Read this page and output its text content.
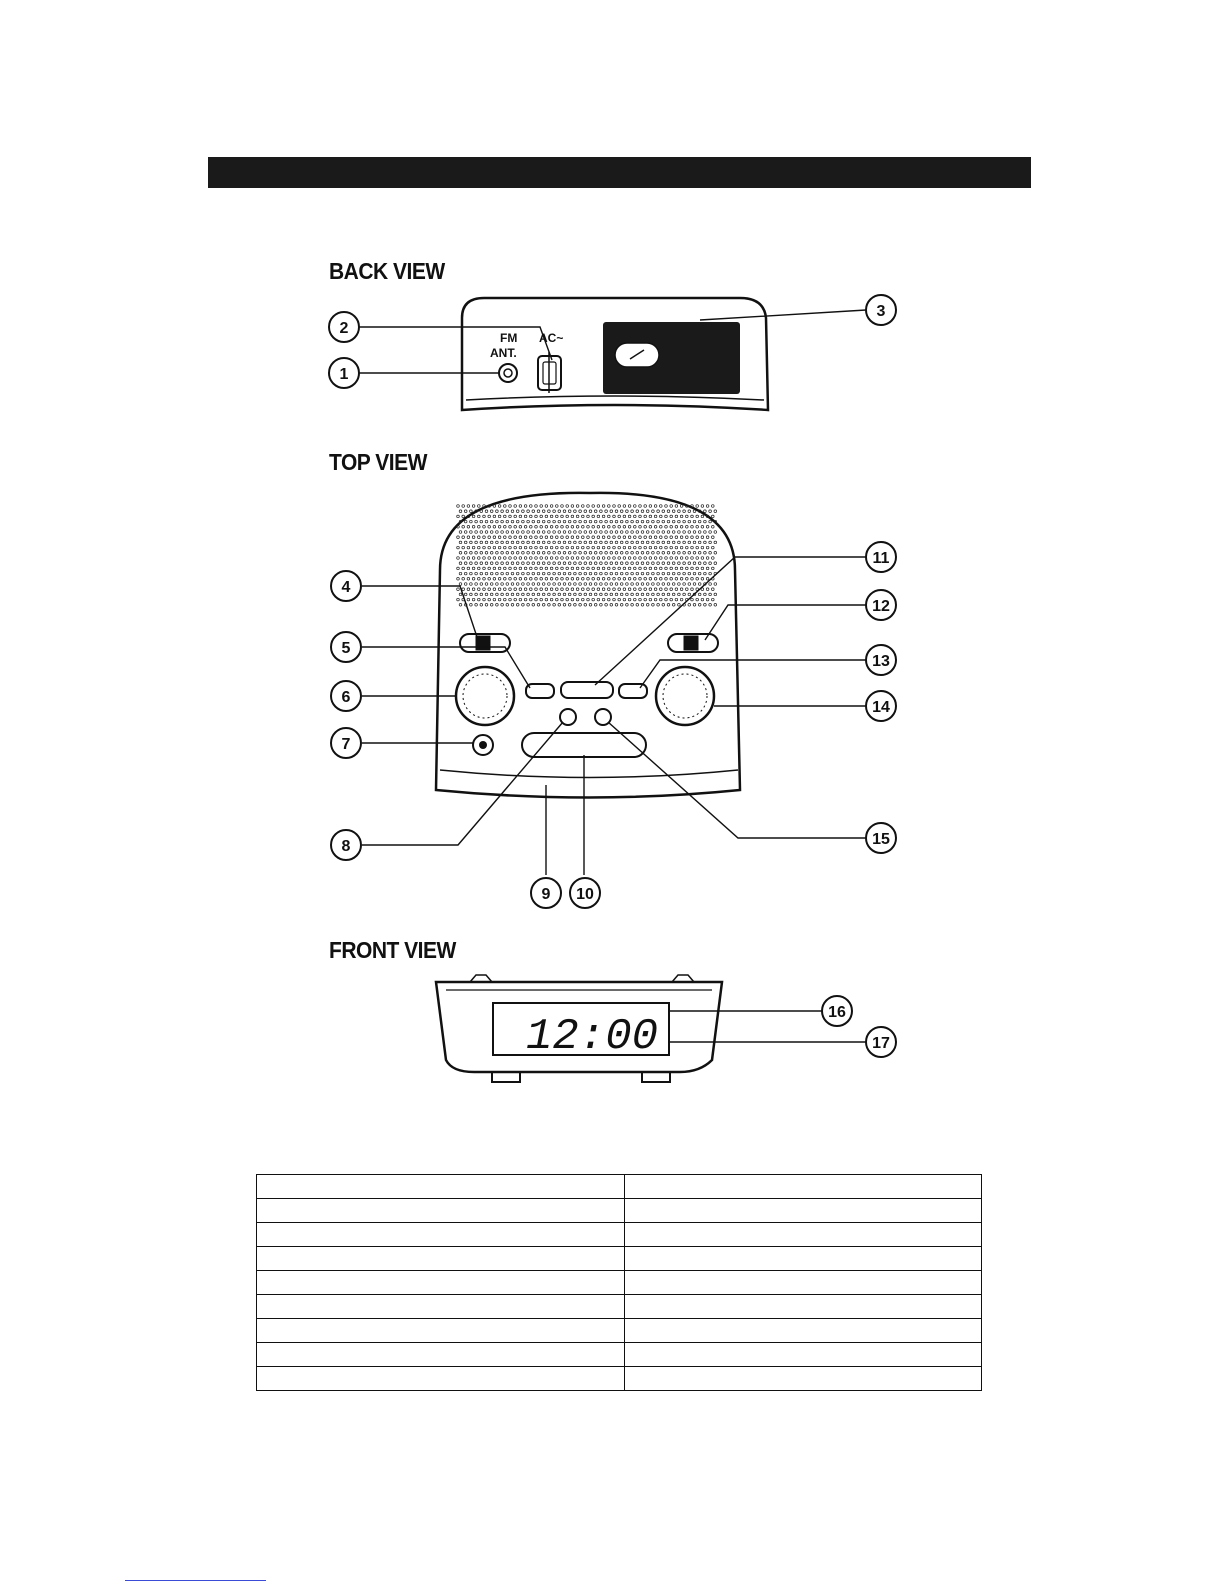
BACK VIEW
TOP VIEW
FRONT VIEW
FM
ANT.
AC~
12:00
1
2
3
4
5
6
7
8
9 10
11
12
13
14
15
16
17
